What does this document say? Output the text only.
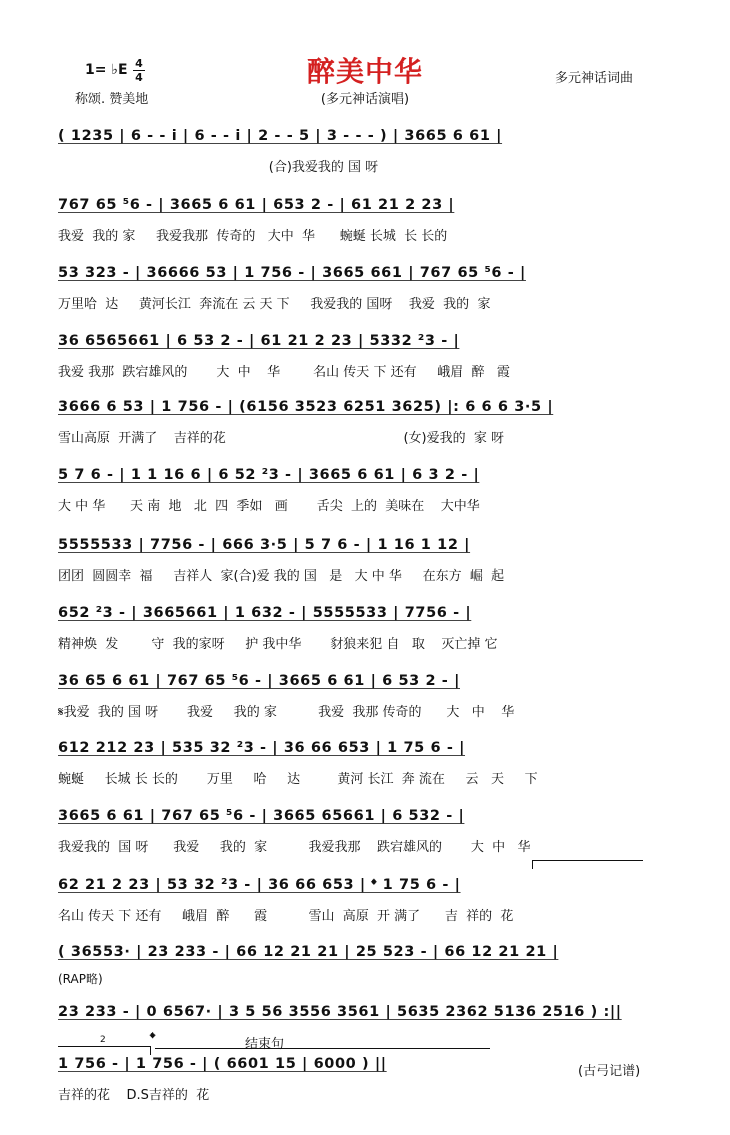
醉美中华
(多元神话演唱)
1= ♭E 4
4
称颂. 赞美地
多元神话词曲
( 1235 | 6 - - i | 6 - - i | 2 - - 5 | 3 - - - ) | 3665 6 61 |
(合)我爱我的 国 呀
767 65 ⁵6 - | 3665 6 61 | 653 2 - | 61 21 2 23 |
我爱  我的 家     我爱我那  传奇的   大中  华      蜿蜒 长城  长 长的
53 323 - | 36666 53 | 1 756 - | 3665 661 | 767 65 ⁵6 - |
万里哈  达     黄河长江  奔流在 云 天 下     我爱我的 国呀    我爱  我的  家
36 6565661 | 6 53 2 - | 61 21 2 23 | 5332 ²3 - |
我爱 我那  跌宕雄风的       大  中    华        名山 传天 下 还有     峨眉  醉   霞
3666 6 53 | 1 756 - | (6156 3523 6251 3625) |: 6 6 6 3·5 |
雪山高原  开满了    吉祥的花                                           (女)爱我的  家 呀
5 7 6 - | 1 1 16 6 | 6 52 ²3 - | 3665 6 61 | 6 3 2 - |
大 中 华      天 南  地   北  四  季如   画       舌尖  上的  美味在    大中华
5555533 | 7756 - | 666 3·5 | 5 7 6 - | 1 16 1 12 |
团团  圆圆幸  福     吉祥人  家(合)爱 我的 国   是   大 中 华     在东方  崛  起
652 ²3 - | 3665661 | 1 632 - | 5555533 | 7756 - |
精神焕  发        守  我的家呀     护 我中华       豺狼来犯 自   取    灭亡掉 它
36 65 6 61 | 767 65 ⁵6 - | 3665 6 61 | 6 53 2 - |
𝄋我爱  我的 国 呀       我爱     我的 家          我爱  我那 传奇的      大   中    华
612 212 23 | 535 32 ²3 - | 36 66 653 | 1 75 6 - |
蜿蜒     长城 长 长的       万里     哈     达         黄河 长江  奔 流在     云   天     下
3665 6 61 | 767 65 ⁵6 - | 3665 65661 | 6 532 - |
我爱我的  国 呀      我爱     我的  家          我爱我那    跌宕雄风的       大  中   华
62 21 2 23 | 53 32 ²3 - | 36 66 653 | 𝄌 1 75 6 - |
名山 传天 下 还有     峨眉  醉      霞          雪山  高原  开 满了      吉  祥的  花
( 36553· | 23 233 - | 66 12 21 21 | 25 523 - | 66 12 21 21 |
(RAP略)
23 233 - | 0 6567· | 3 5 56 3556 3561 | 5635 2362 5136 2516 ) :||
2	𝄌	结束句
1 756 - | 1 756 - | ( 6601 15 | 6000 ) ||
吉祥的花    D.S吉祥的  花
(古弓记谱)
